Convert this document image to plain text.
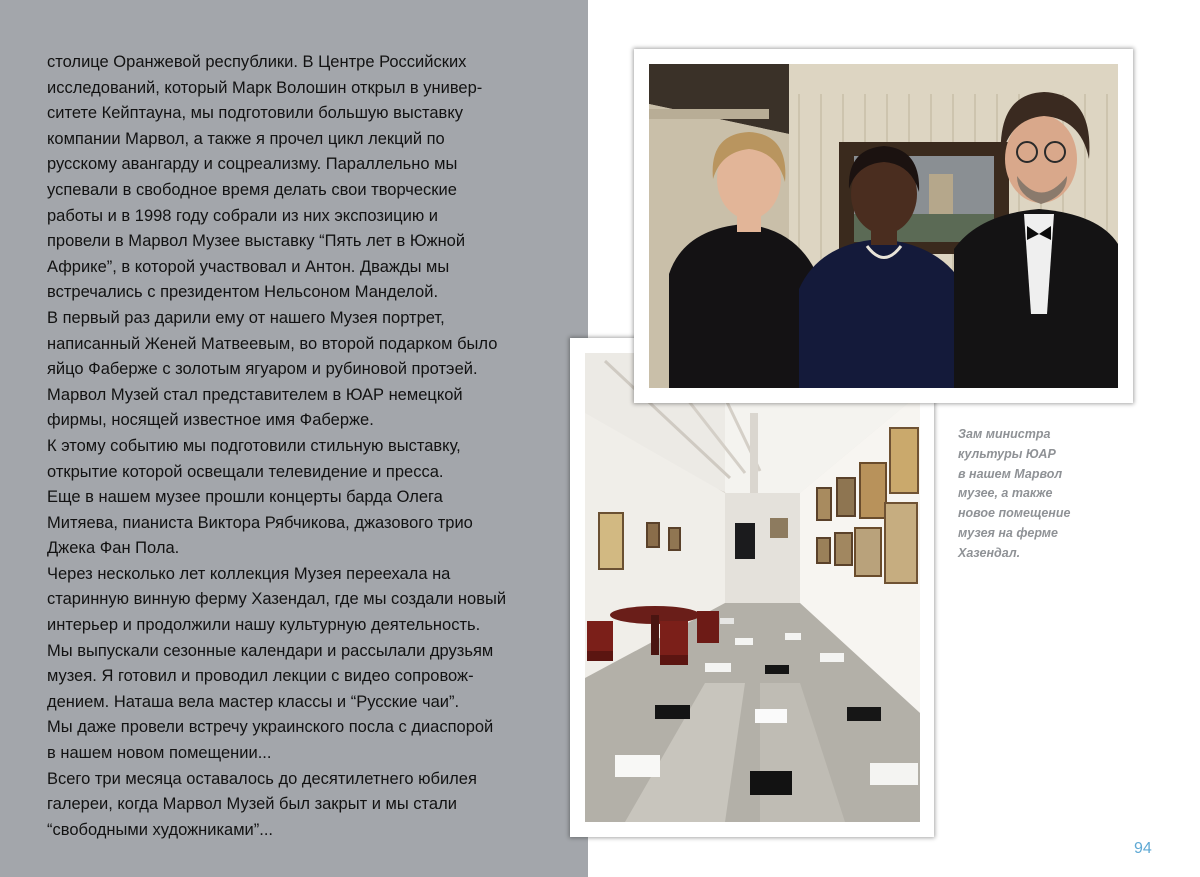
столице Оранжевой республики. В Центре Российских
исследований, который Марк Волошин открыл в универ-
ситете Кейптауна, мы подготовили большую выставку
компании Марвол, а также я прочел цикл лекций по
русскому авангарду и соцреализму. Параллельно мы
успевали в свободное время делать свои творческие
работы и в 1998 году собрали из них экспозицию и
провели в Марвол Музее выставку “Пять лет в Южной
Африке”, в которой участвовал и Антон. Дважды мы
встречались с президентом Нельсоном Манделой.
В первый раз дарили ему от нашего Музея портрет,
написанный Женей Матвеевым, во второй подарком было
яйцо Фаберже с золотым ягуаром и рубиновой протэей.
Марвол Музей стал представителем в ЮАР немецкой
фирмы, носящей известное имя Фаберже.
К этому событию мы подготовили стильную выставку,
открытие которой освещали телевидение и пресса.
Еще в нашем музее прошли концерты барда Олега
Митяева, пианиста Виктора Рябчикова, джазового трио
Джека Фан Пола.
Через несколько лет коллекция Музея переехала на
старинную винную ферму Хазендал, где мы создали новый
интерьер и продолжили нашу культурную деятельность.
Мы выпускали сезонные календари и рассылали друзьям
музея. Я готовил и проводил лекции с видео сопровож-
дением. Наташа вела мастер классы и “Русские чаи”.
Мы даже провели встречу украинского посла с диаспорой
в нашем новом помещении...
Всего три месяца оставалось до десятилетнего юбилея
галереи, когда Марвол Музей был закрыт и мы стали
“свободными художниками”...

Зам министра
культуры ЮАР
в нашем Марвол
музее, а также
новое помещение
музея на ферме
Хазендал.
94
